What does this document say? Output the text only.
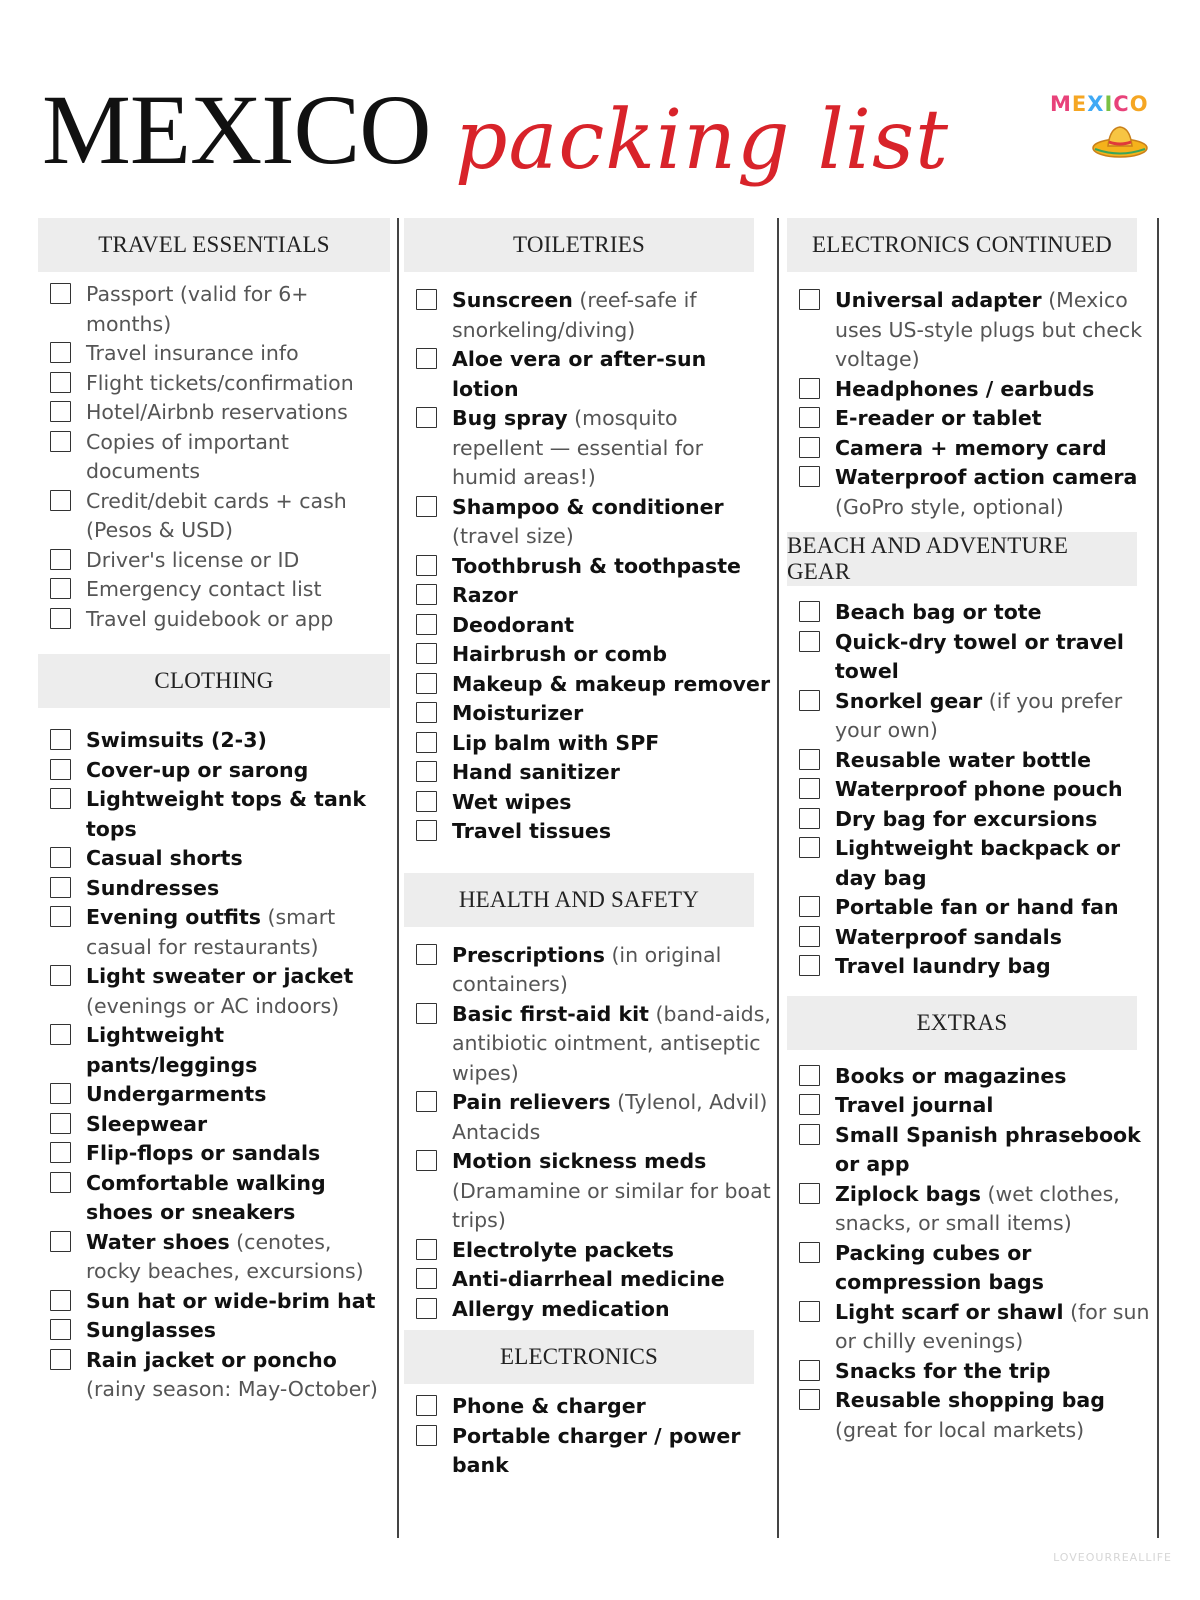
MEXICO packing list	MEXICO
TRAVEL ESSENTIALS
Passport (valid for 6+ months)
Travel insurance info
Flight tickets/confirmation
Hotel/Airbnb reservations
Copies of important documents
Credit/debit cards + cash (Pesos & USD)
Driver's license or ID
Emergency contact list
Travel guidebook or app
CLOTHING
Swimsuits (2-3)
Cover-up or sarong
Lightweight tops & tank tops
Casual shorts
Sundresses
Evening outfits (smart casual for restaurants)
Light sweater or jacket (evenings or AC indoors)
Lightweight pants/leggings
Undergarments
Sleepwear
Flip-flops or sandals
Comfortable walking shoes or sneakers
Water shoes (cenotes, rocky beaches, excursions)
Sun hat or wide-brim hat
Sunglasses
Rain jacket or poncho (rainy season: May-October)
TOILETRIES
Sunscreen (reef-safe if snorkeling/diving)
Aloe vera or after-sun lotion
Bug spray (mosquito repellent — essential for humid areas!)
Shampoo & conditioner (travel size)
Toothbrush & toothpaste
Razor
Deodorant
Hairbrush or comb
Makeup & makeup remover
Moisturizer
Lip balm with SPF
Hand sanitizer
Wet wipes
Travel tissues
HEALTH AND SAFETY
Prescriptions (in original containers)
Basic first-aid kit (band-aids, antibiotic ointment, antiseptic wipes)
Pain relievers (Tylenol, Advil) Antacids
Motion sickness meds (Dramamine or similar for boat trips)
Electrolyte packets
Anti-diarrheal medicine
Allergy medication
ELECTRONICS
Phone & charger
Portable charger / power bank
ELECTRONICS CONTINUED
Universal adapter (Mexico uses US-style plugs but check voltage)
Headphones / earbuds
E-reader or tablet
Camera + memory card
Waterproof action camera (GoPro style, optional)
BEACH AND ADVENTURE GEAR
Beach bag or tote
Quick-dry towel or travel towel
Snorkel gear (if you prefer your own)
Reusable water bottle
Waterproof phone pouch
Dry bag for excursions
Lightweight backpack or day bag
Portable fan or hand fan
Waterproof sandals
Travel laundry bag
EXTRAS
Books or magazines
Travel journal
Small Spanish phrasebook or app
Ziplock bags (wet clothes, snacks, or small items)
Packing cubes or compression bags
Light scarf or shawl (for sun or chilly evenings)
Snacks for the trip
Reusable shopping bag (great for local markets)
LOVEOURREALLIFE
